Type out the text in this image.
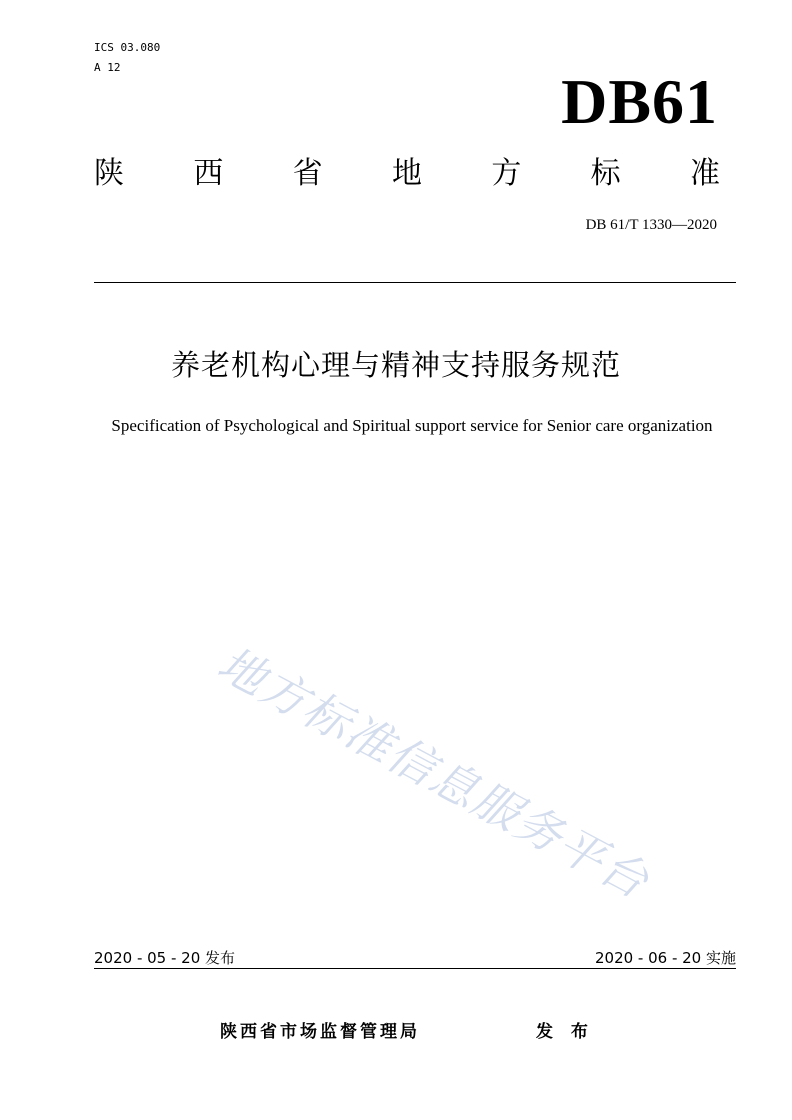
ICS 03.080
A 12	DB61
陕 西 省 地 方 标 准
DB 61/T 1330—2020
养老机构心理与精神支持服务规范
Specification of Psychological and Spiritual support service for Senior care organization
地方标准信息服务平台
2020 - 05 - 20 发布	2020 - 06 - 20 实施
陕西省市场监督管理局	发 布
